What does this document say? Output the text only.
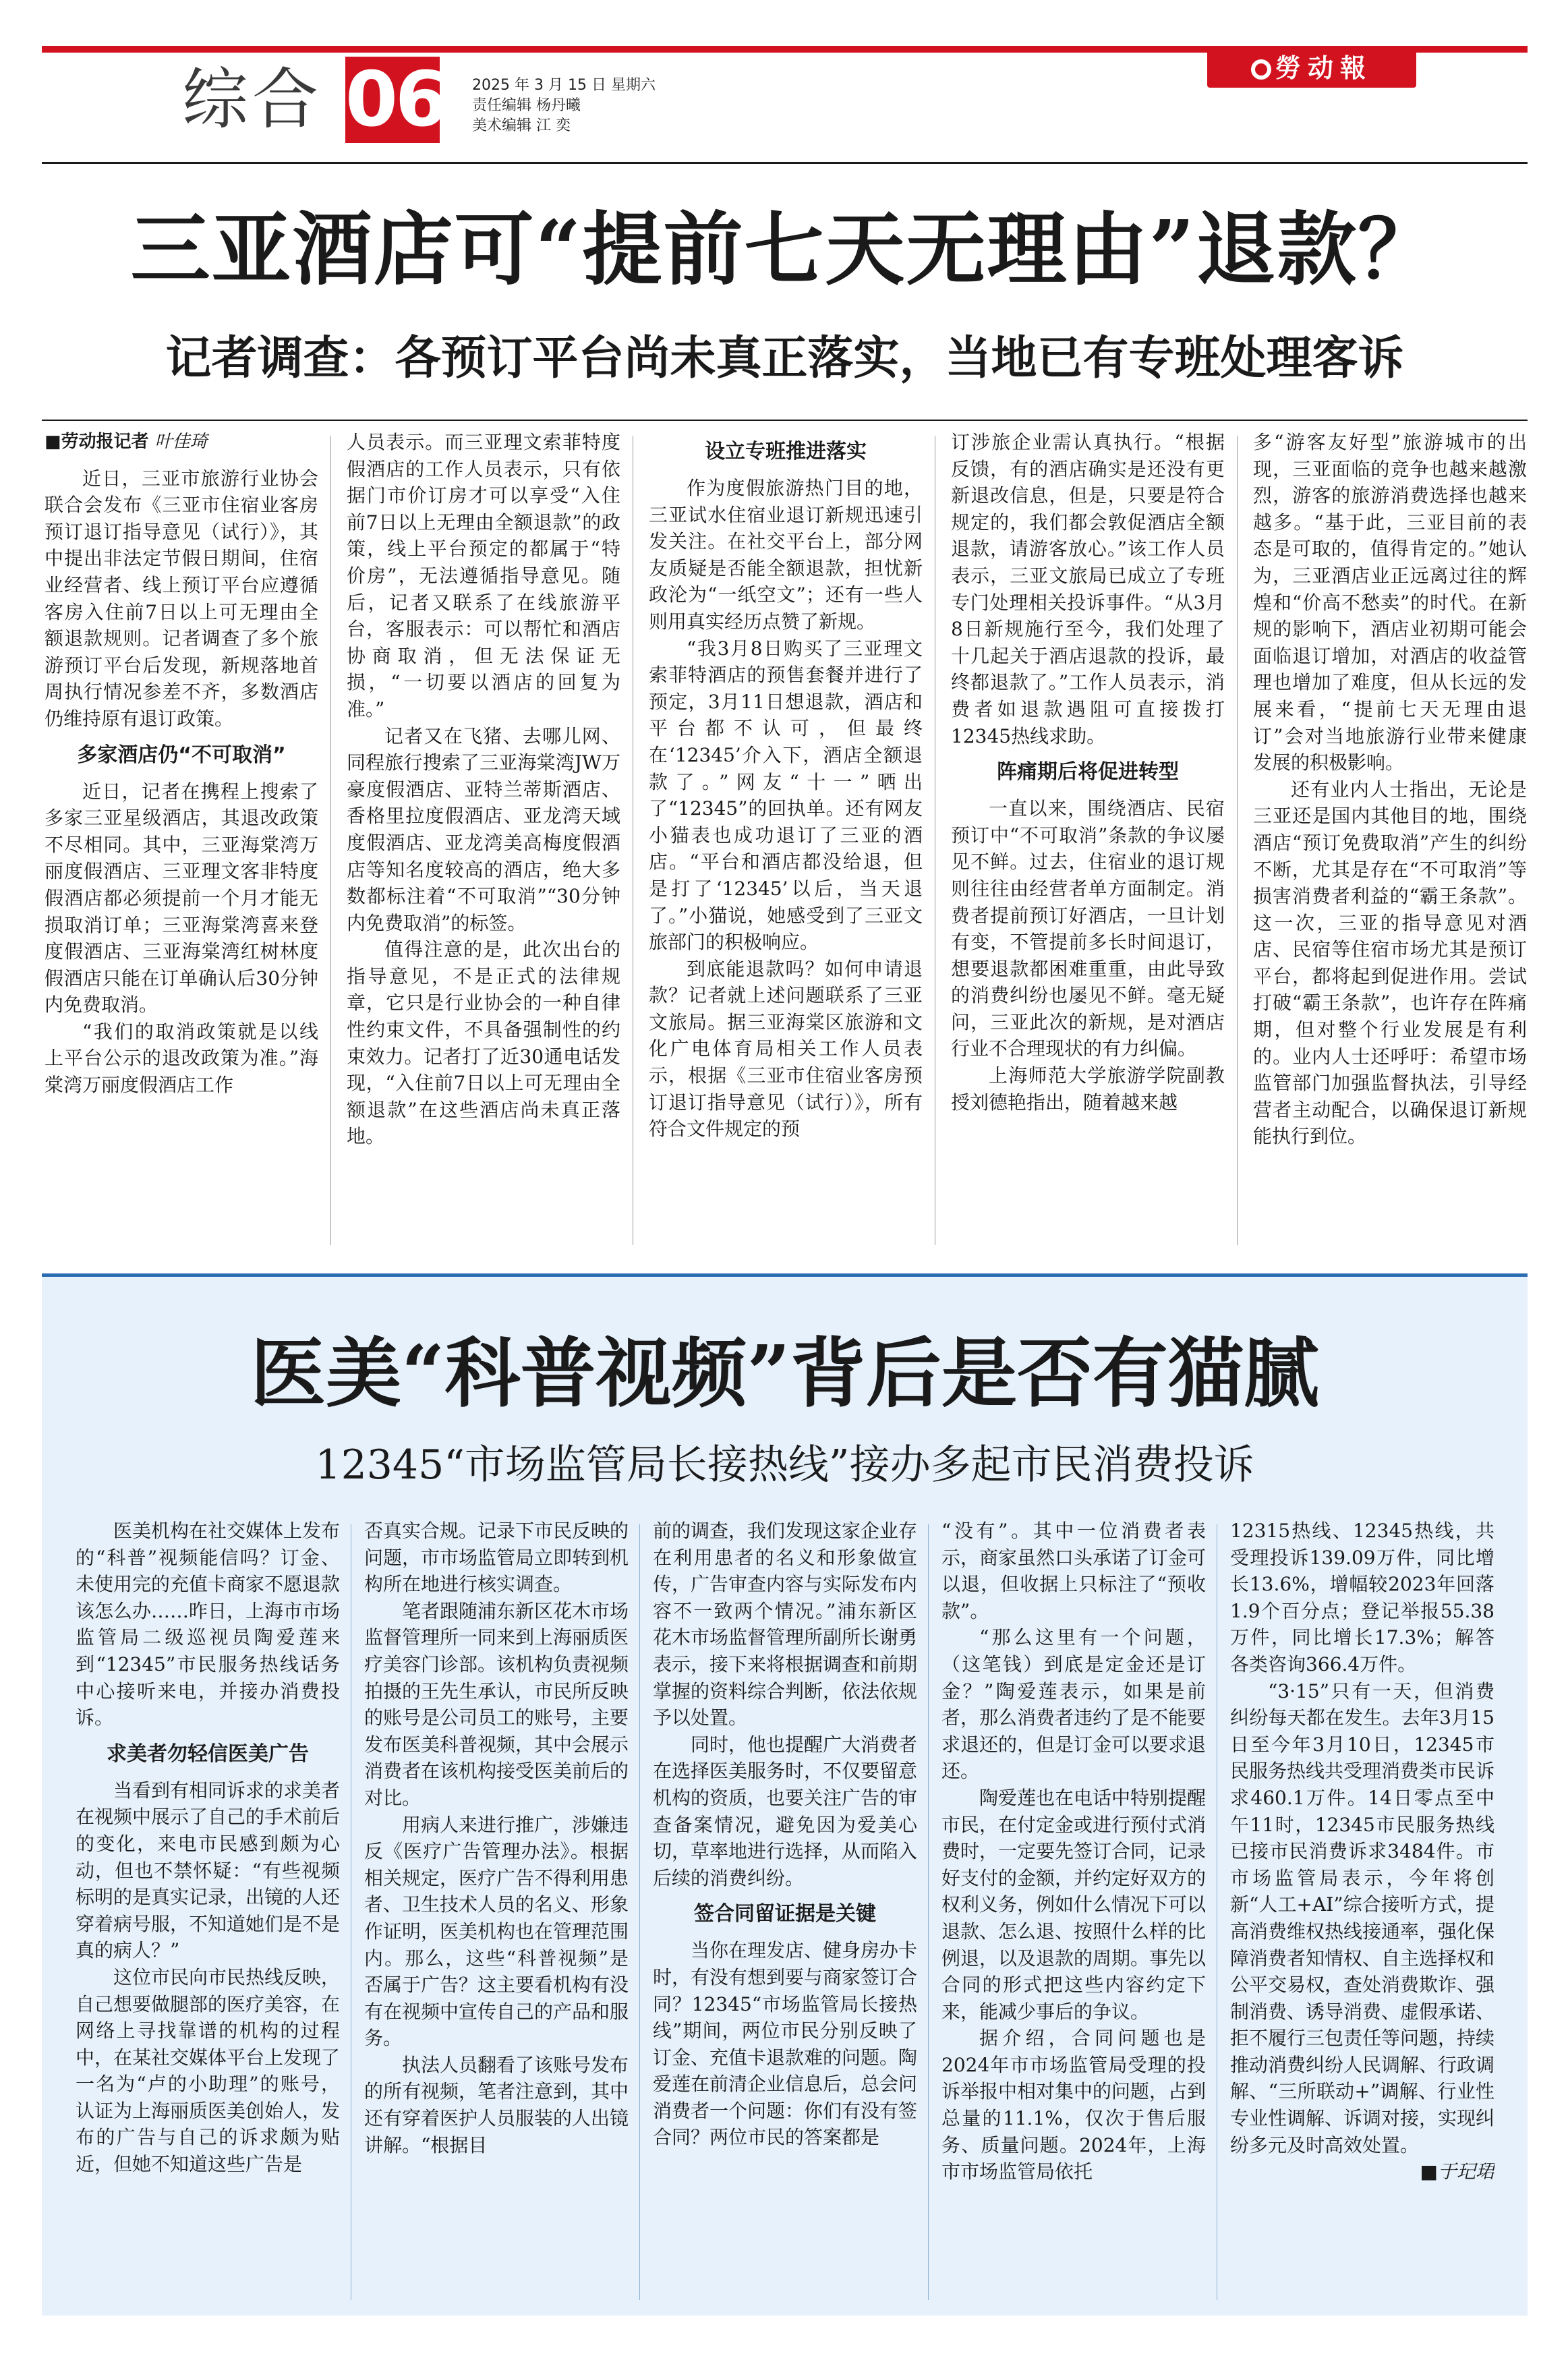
综合 06 2025 年 3 月 15 日 星期六
责任编辑 杨丹曦
美术编辑 江 奕
勞动報
三亚酒店可“提前七天无理由”退款？
记者调查：各预订平台尚未真正落实，当地已有专班处理客诉

■劳动报记者 叶佳琦

近日，三亚市旅游行业协会联合会发布《三亚市住宿业客房预订退订指导意见（试行）》，其中提出非法定节假日期间，住宿业经营者、线上预订平台应遵循客房入住前7日以上可无理由全额退款规则。记者调查了多个旅游预订平台后发现，新规落地首周执行情况参差不齐，多数酒店仍维持原有退订政策。

多家酒店仍“不可取消”

近日，记者在携程上搜索了多家三亚星级酒店，其退改政策不尽相同。其中，三亚海棠湾万丽度假酒店、三亚理文客非特度假酒店都必须提前一个月才能无损取消订单；三亚海棠湾喜来登度假酒店、三亚海棠湾红树林度假酒店只能在订单确认后30分钟内免费取消。

“我们的取消政策就是以线上平台公示的退改政策为准。”海棠湾万丽度假酒店工作

人员表示。而三亚理文索菲特度假酒店的工作人员表示，只有依据门市价订房才可以享受“入住前7日以上无理由全额退款”的政策，线上平台预定的都属于“特价房”，无法遵循指导意见。随后，记者又联系了在线旅游平台，客服表示：可以帮忙和酒店协商取消，但无法保证无损，“一切要以酒店的回复为准。”

记者又在飞猪、去哪儿网、同程旅行搜索了三亚海棠湾JW万豪度假酒店、亚特兰蒂斯酒店、香格里拉度假酒店、亚龙湾天域度假酒店、亚龙湾美高梅度假酒店等知名度较高的酒店，绝大多数都标注着“不可取消”“30分钟内免费取消”的标签。

值得注意的是，此次出台的指导意见，不是正式的法律规章，它只是行业协会的一种自律性约束文件，不具备强制性的约束效力。记者打了近30通电话发现，“入住前7日以上可无理由全额退款”在这些酒店尚未真正落地。

设立专班推进落实

作为度假旅游热门目的地，三亚试水住宿业退订新规迅速引发关注。在社交平台上，部分网友质疑是否能全额退款，担忧新政沦为“一纸空文”；还有一些人则用真实经历点赞了新规。

“我3月8日购买了三亚理文索菲特酒店的预售套餐并进行了预定，3月11日想退款，酒店和平台都不认可，但最终在‘12345’介入下，酒店全额退款了。”网友“十一”晒出了“12345”的回执单。还有网友小猫表也成功退订了三亚的酒店。“平台和酒店都没给退，但是打了‘12345’以后，当天退了。”小猫说，她感受到了三亚文旅部门的积极响应。

到底能退款吗？如何申请退款？记者就上述问题联系了三亚文旅局。据三亚海棠区旅游和文化广电体育局相关工作人员表示，根据《三亚市住宿业客房预订退订指导意见（试行）》，所有符合文件规定的预

订涉旅企业需认真执行。“根据反馈，有的酒店确实是还没有更新退改信息，但是，只要是符合规定的，我们都会敦促酒店全额退款，请游客放心。”该工作人员表示，三亚文旅局已成立了专班专门处理相关投诉事件。“从3月8日新规施行至今，我们处理了十几起关于酒店退款的投诉，最终都退款了。”工作人员表示，消费者如退款遇阻可直接拨打12345热线求助。

阵痛期后将促进转型

一直以来，围绕酒店、民宿预订中“不可取消”条款的争议屡见不鲜。过去，住宿业的退订规则往往由经营者单方面制定。消费者提前预订好酒店，一旦计划有变，不管提前多长时间退订，想要退款都困难重重，由此导致的消费纠纷也屡见不鲜。毫无疑问，三亚此次的新规，是对酒店行业不合理现状的有力纠偏。

上海师范大学旅游学院副教授刘德艳指出，随着越来越

多“游客友好型”旅游城市的出现，三亚面临的竞争也越来越激烈，游客的旅游消费选择也越来越多。“基于此，三亚目前的表态是可取的，值得肯定的。”她认为，三亚酒店业正远离过往的辉煌和“价高不愁卖”的时代。在新规的影响下，酒店业初期可能会面临退订增加，对酒店的收益管理也增加了难度，但从长远的发展来看，“提前七天无理由退订”会对当地旅游行业带来健康发展的积极影响。

还有业内人士指出，无论是三亚还是国内其他目的地，围绕酒店“预订免费取消”产生的纠纷不断，尤其是存在“不可取消”等损害消费者利益的“霸王条款”。这一次，三亚的指导意见对酒店、民宿等住宿市场尤其是预订平台，都将起到促进作用。尝试打破“霸王条款”，也许存在阵痛期，但对整个行业发展是有利的。业内人士还呼吁：希望市场监管部门加强监督执法，引导经营者主动配合，以确保退订新规能执行到位。

医美“科普视频”背后是否有猫腻
12345“市场监管局长接热线”接办多起市民消费投诉

医美机构在社交媒体上发布的“科普”视频能信吗？订金、未使用完的充值卡商家不愿退款该怎么办……昨日，上海市市场监管局二级巡视员陶爱莲来到“12345”市民服务热线话务中心接听来电，并接办消费投诉。

求美者勿轻信医美广告

当看到有相同诉求的求美者在视频中展示了自己的手术前后的变化，来电市民感到颇为心动，但也不禁怀疑：“有些视频标明的是真实记录，出镜的人还穿着病号服，不知道她们是不是真的病人？”

这位市民向市民热线反映，自己想要做腿部的医疗美容，在网络上寻找靠谱的机构的过程中，在某社交媒体平台上发现了一名为“卢的小助理”的账号，认证为上海丽质医美创始人，发布的广告与自己的诉求颇为贴近，但她不知道这些广告是

否真实合规。记录下市民反映的问题，市市场监管局立即转到机构所在地进行核实调查。

笔者跟随浦东新区花木市场监督管理所一同来到上海丽质医疗美容门诊部。该机构负责视频拍摄的王先生承认，市民所反映的账号是公司员工的账号，主要发布医美科普视频，其中会展示消费者在该机构接受医美前后的对比。

用病人来进行推广，涉嫌违反《医疗广告管理办法》。根据相关规定，医疗广告不得利用患者、卫生技术人员的名义、形象作证明，医美机构也在管理范围内。那么，这些“科普视频”是否属于广告？这主要看机构有没有在视频中宣传自己的产品和服务。

执法人员翻看了该账号发布的所有视频，笔者注意到，其中还有穿着医护人员服装的人出镜讲解。“根据目

前的调查，我们发现这家企业存在利用患者的名义和形象做宣传，广告审查内容与实际发布内容不一致两个情况。”浦东新区花木市场监督管理所副所长谢勇表示，接下来将根据调查和前期掌握的资料综合判断，依法依规予以处置。

同时，他也提醒广大消费者在选择医美服务时，不仅要留意机构的资质，也要关注广告的审查备案情况，避免因为爱美心切，草率地进行选择，从而陷入后续的消费纠纷。

签合同留证据是关键

当你在理发店、健身房办卡时，有没有想到要与商家签订合同？12345“市场监管局长接热线”期间，两位市民分别反映了订金、充值卡退款难的问题。陶爱莲在前清企业信息后，总会问消费者一个问题：你们有没有签合同？两位市民的答案都是

“没有”。其中一位消费者表示，商家虽然口头承诺了订金可以退，但收据上只标注了“预收款”。

“那么这里有一个问题，（这笔钱）到底是定金还是订金？”陶爱莲表示，如果是前者，那么消费者违约了是不能要求退还的，但是订金可以要求退还。

陶爱莲也在电话中特别提醒市民，在付定金或进行预付式消费时，一定要先签订合同，记录好支付的金额，并约定好双方的权利义务，例如什么情况下可以退款、怎么退、按照什么样的比例退，以及退款的周期。事先以合同的形式把这些内容约定下来，能减少事后的争议。

据介绍，合同问题也是2024年市市场监管局受理的投诉举报中相对集中的问题，占到总量的11.1%，仅次于售后服务、质量问题。2024年，上海市市场监管局依托

12315热线、12345热线，共受理投诉139.09万件，同比增长13.6%，增幅较2023年回落1.9个百分点；登记举报55.38万件，同比增长17.3%；解答各类咨询366.4万件。

“3·15”只有一天，但消费纠纷每天都在发生。去年3月15日至今年3月10日，12345市民服务热线共受理消费类市民诉求460.1万件。14日零点至中午11时，12345市民服务热线已接市民消费诉求3484件。市市场监管局表示，今年将创新“人工+AI”综合接听方式，提高消费维权热线接通率，强化保障消费者知情权、自主选择权和公平交易权，查处消费欺诈、强制消费、诱导消费、虚假承诺、拒不履行三包责任等问题，持续推动消费纠纷人民调解、行政调解、“三所联动+”调解、行业性专业性调解、诉调对接，实现纠纷多元及时高效处置。

■于玘珺
